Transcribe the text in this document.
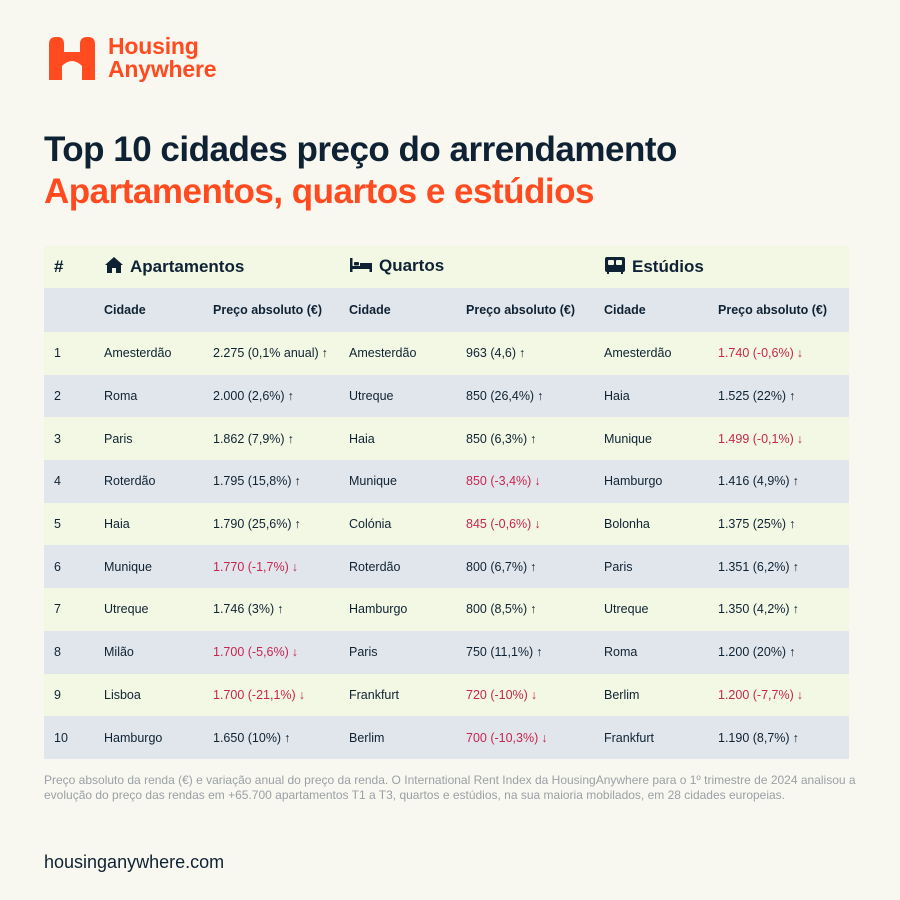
Housing
Anywhere
Top 10 cidades preço do arrendamento
Apartamentos, quartos e estúdios
#	Apartamentos		Quartos		Estúdios	
	Cidade	Preço absoluto (€)	Cidade	Preço absoluto (€)	Cidade	Preço absoluto (€)
1	Amesterdão	2.275 (0,1% anual) ↑	Amesterdão	963 (4,6) ↑	Amesterdão	1.740 (-0,6%) ↓
2	Roma	2.000 (2,6%) ↑	Utreque	850 (26,4%) ↑	Haia	1.525 (22%) ↑
3	Paris	1.862 (7,9%) ↑	Haia	850 (6,3%) ↑	Munique	1.499 (-0,1%) ↓
4	Roterdão	1.795 (15,8%) ↑	Munique	850 (-3,4%) ↓	Hamburgo	1.416 (4,9%) ↑
5	Haia	1.790 (25,6%) ↑	Colónia	845 (-0,6%) ↓	Bolonha	1.375 (25%) ↑
6	Munique	1.770 (-1,7%) ↓	Roterdão	800 (6,7%) ↑	Paris	1.351 (6,2%) ↑
7	Utreque	1.746 (3%) ↑	Hamburgo	800 (8,5%) ↑	Utreque	1.350 (4,2%) ↑
8	Milão	1.700 (-5,6%) ↓	Paris	750 (11,1%) ↑	Roma	1.200 (20%) ↑
9	Lisboa	1.700 (-21,1%) ↓	Frankfurt	720 (-10%) ↓	Berlim	1.200 (-7,7%) ↓
10	Hamburgo	1.650 (10%) ↑	Berlim	700 (-10,3%) ↓	Frankfurt	1.190 (8,7%) ↑
Preço absoluto da renda (€) e variação anual do preço da renda. O International Rent Index da HousingAnywhere para o 1º trimestre de 2024 analisou a evolução do preço das rendas em +65.700 apartamentos T1 a T3, quartos e estúdios, na sua maioria mobilados, em 28 cidades europeias.
housinganywhere.com
